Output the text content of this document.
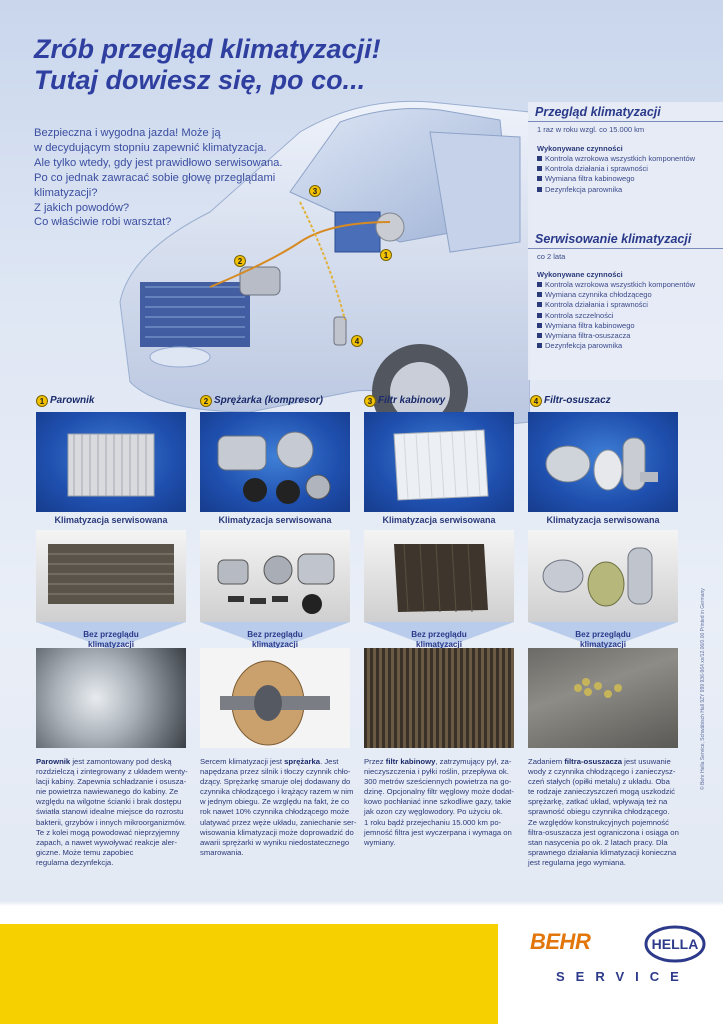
Zrób przegląd klimatyzacji!
Tutaj dowiesz się, po co...
3
2
1
4
Bezpieczna i wygodna jazda! Może ją
w decydującym stopniu zapewnić klimatyzacja.
Ale tylko wtedy, gdy jest prawidłowo serwisowana.
Po co jednak zawracać sobie głowę przeglądami
klimatyzacji?
Z jakich powodów?
Co właściwie robi warsztat?
Przegląd klimatyzacji
1 raz w roku wzgl. co 15.000 km
Wykonywane czynności
Kontrola wzrokowa wszystkich komponentów
Kontrola działania i sprawności
Wymiana filtra kabinowego
Dezynfekcja parownika
Serwisowanie klimatyzacji
co 2 lata
Wykonywane czynności
Kontrola wzrokowa wszystkich komponentów
Wymiana czynnika chłodzącego
Kontrola działania i sprawności
Kontrola szczelności
Wymiana filtra kabinowego
Wymiana filtra-osuszacza
Dezynfekcja parownika
1 Parownik
Klimatyzacja serwisowana
Bez przeglądu
klimatyzacji
Parownik jest zamontowany pod deską
rozdzielczą i zintegrowany z układem wenty-
lacji kabiny. Zapewnia schładzanie i osusza-
nie powietrza nawiewanego do kabiny. Ze
względu na wilgotne ścianki i brak dostępu
światła stanowi idealne miejsce do rozrostu
bakterii, grzybów i innych mikroorganizmów.
Te z kolei mogą powodować nieprzyjemny
zapach, a nawet wywoływać reakcje aler-
giczne. Może temu zapobiec
regularna dezynfekcja.
2 Sprężarka (kompresor)
Klimatyzacja serwisowana
Bez przeglądu
klimatyzacji
Sercem klimatyzacji jest sprężarka. Jest
napędzana przez silnik i tłoczy czynnik chło-
dzący. Sprężarkę smaruje olej dodawany do
czynnika chłodzącego i krążący razem w nim
w jednym obiegu. Ze względu na fakt, że co
rok nawet 10% czynnika chłodzącego może
ulatywać przez węże układu, zaniechanie ser-
wisowania klimatyzacji może doprowadzić do
awarii sprężarki w wyniku niedostatecznego
smarowania.
3 Filtr kabinowy
Klimatyzacja serwisowana
Bez przeglądu
klimatyzacji
Przez filtr kabinowy, zatrzymujący pył, za-
nieczyszczenia i pyłki roślin, przepływa ok.
300 metrów sześciennych powietrza na go-
dzinę. Opcjonalny filtr węglowy może dodat-
kowo pochłaniać inne szkodliwe gazy, takie
jak ozon czy węglowodory. Po użyciu ok.
1 roku bądź przejechaniu 15.000 km po-
jemność filtra jest wyczerpana i wymaga on
wymiany.
4 Filtr-osuszacz
Klimatyzacja serwisowana
Bez przeglądu
klimatyzacji
Zadaniem filtra-osuszacza jest usuwanie
wody z czynnika chłodzącego i zanieczysz-
czeń stałych (opiłki metalu) z układu. Oba
te rodzaje zanieczyszczeń mogą uszkodzić
sprężarkę, zatkać układ, wpływają też na
sprawność obiegu czynnika chłodzącego.
Ze względów konstrukcyjnych pojemność
filtra-osuszacza jest ograniczona i osiąga on
stan nasycenia po ok. 2 latach pracy. Dla
sprawnego działania klimatyzacji konieczna
jest regularna jego wymiana.
© Behr Hella Service, Schwäbisch Hall 9ZY 999 936-964 xx/12.06/0.00 Printed in Germany
BEHR	HELLA
SERVICE
